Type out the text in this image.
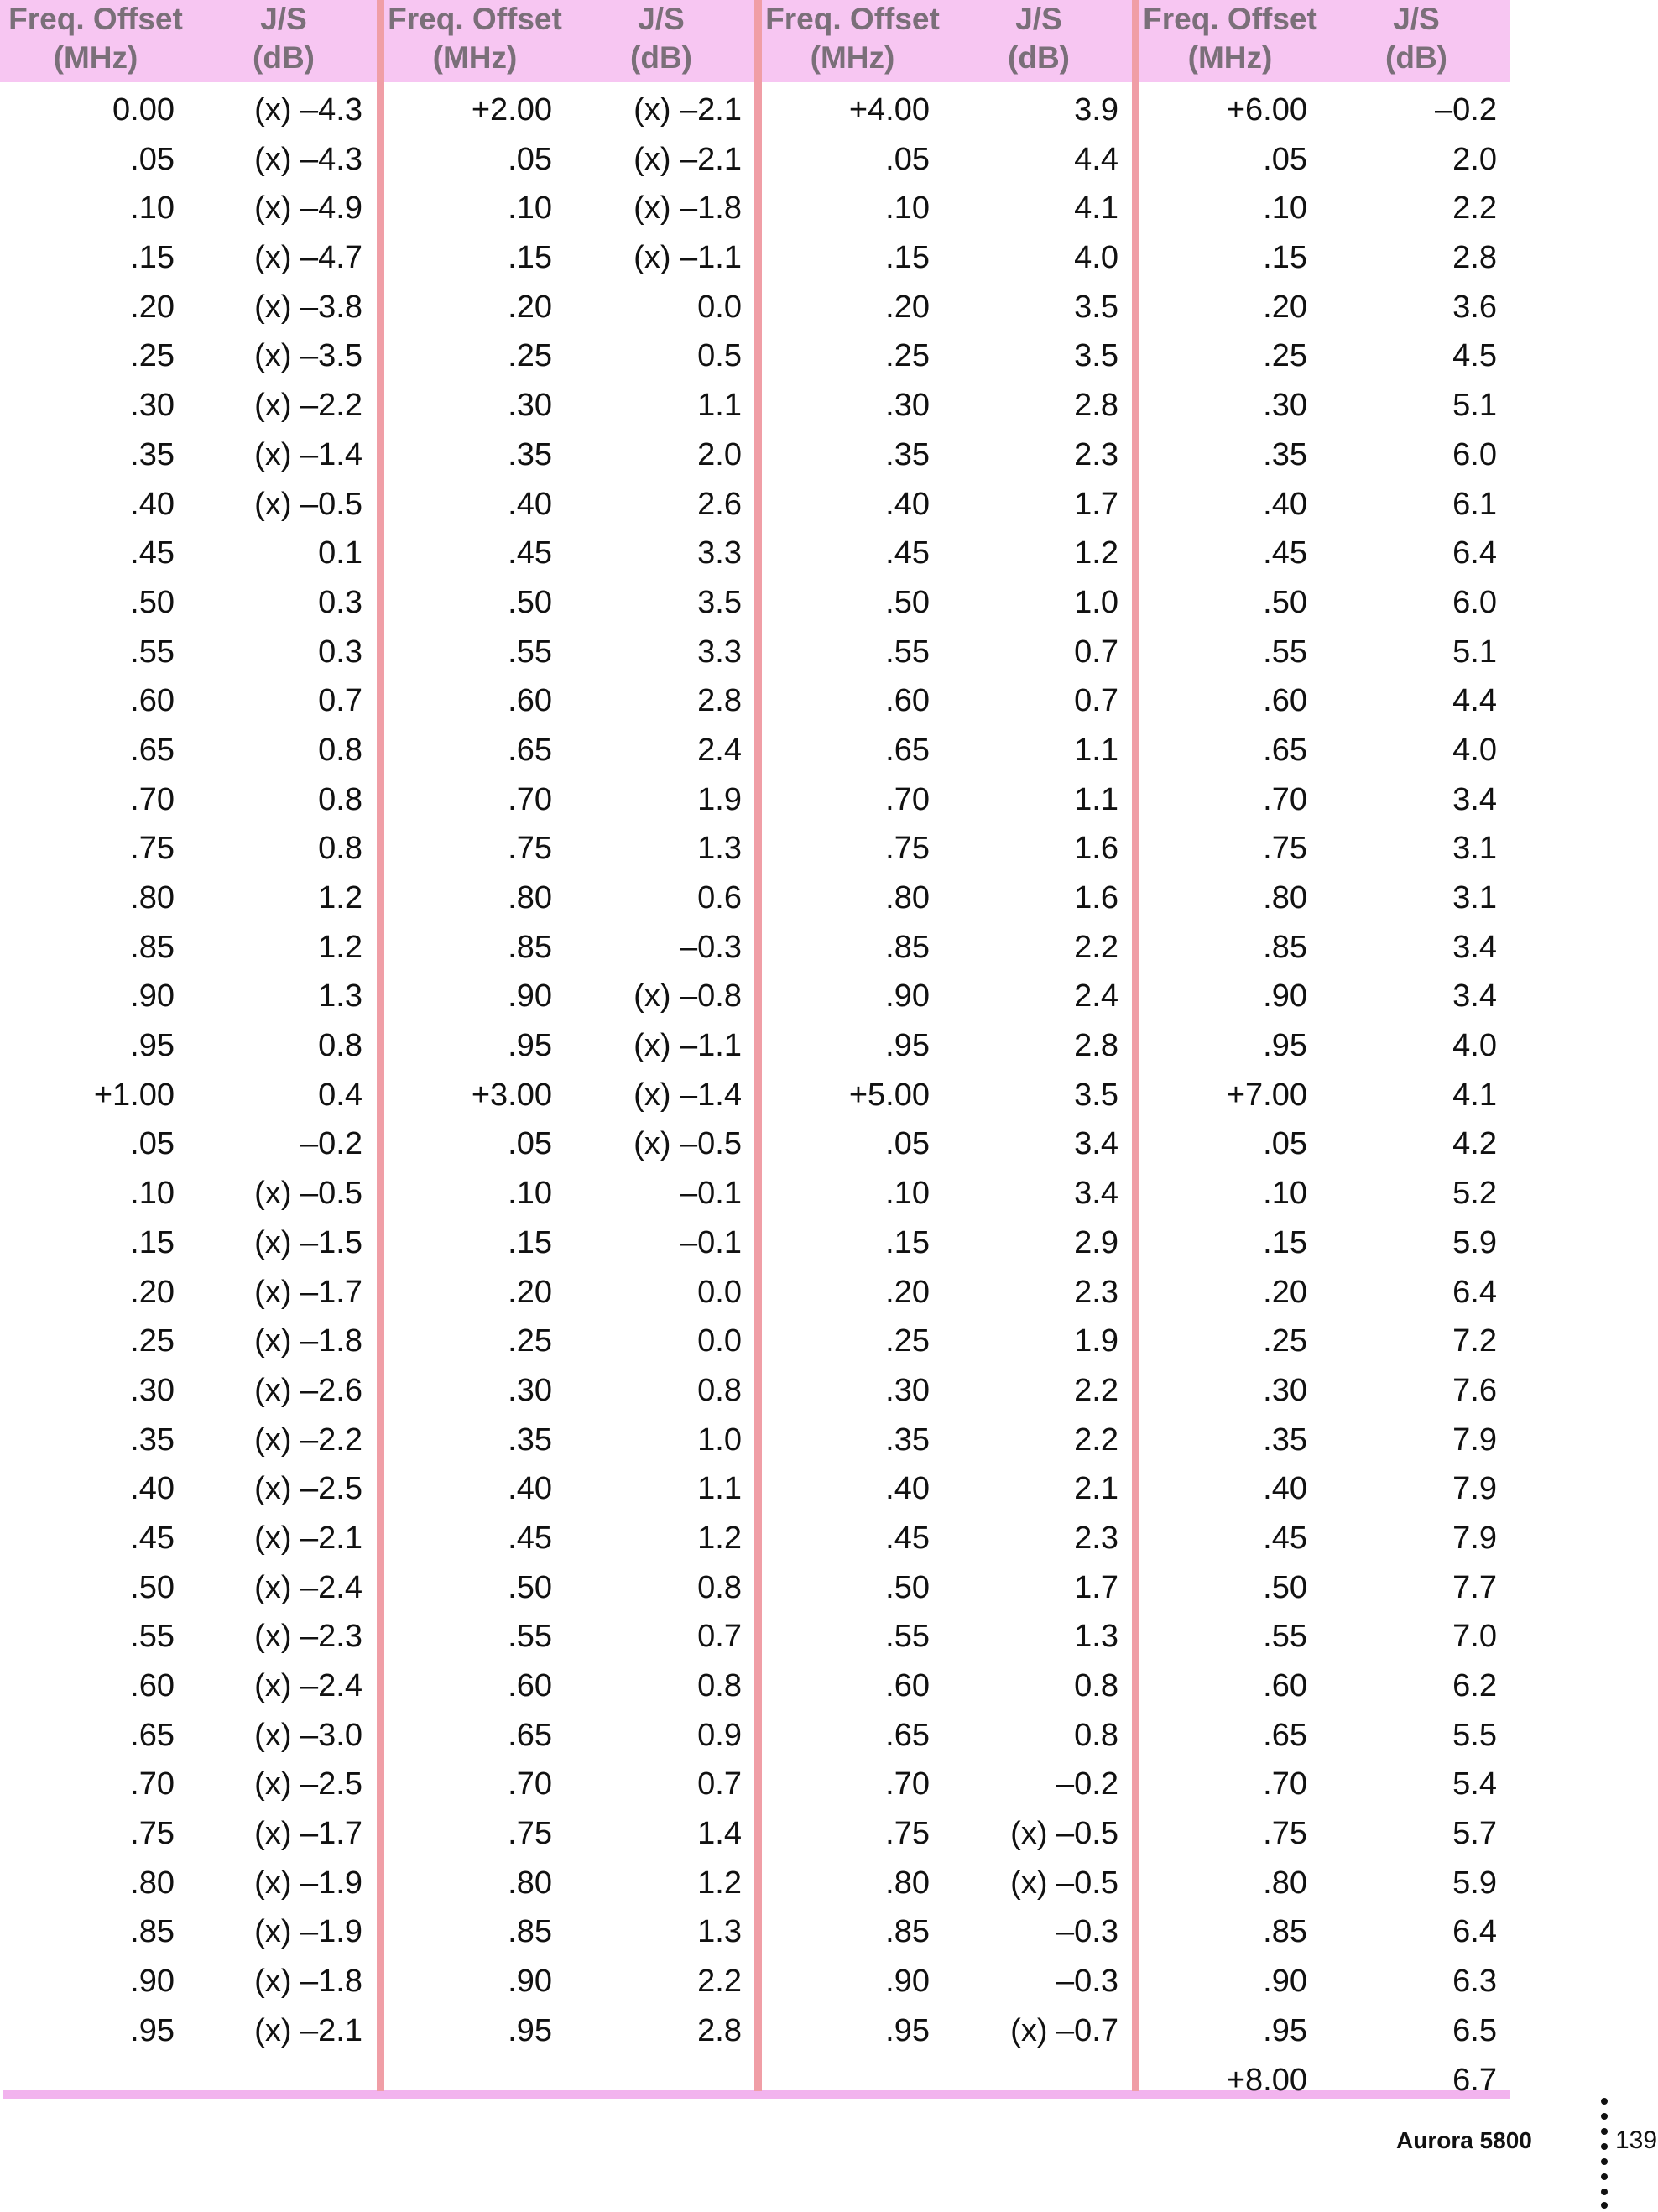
Freq. Offset
(MHz)
J/S
(dB)
Freq. Offset
(MHz)
J/S
(dB)
Freq. Offset
(MHz)
J/S
(dB)
Freq. Offset
(MHz)
J/S
(dB)
0.00
.05
.10
.15
.20
.25
.30
.35
.40
.45
.50
.55
.60
.65
.70
.75
.80
.85
.90
.95
+1.00
.05
.10
.15
.20
.25
.30
.35
.40
.45
.50
.55
.60
.65
.70
.75
.80
.85
.90
.95
(x) –4.3
(x) –4.3
(x) –4.9
(x) –4.7
(x) –3.8
(x) –3.5
(x) –2.2
(x) –1.4
(x) –0.5
0.1
0.3
0.3
0.7
0.8
0.8
0.8
1.2
1.2
1.3
0.8
0.4
–0.2
(x) –0.5
(x) –1.5
(x) –1.7
(x) –1.8
(x) –2.6
(x) –2.2
(x) –2.5
(x) –2.1
(x) –2.4
(x) –2.3
(x) –2.4
(x) –3.0
(x) –2.5
(x) –1.7
(x) –1.9
(x) –1.9
(x) –1.8
(x) –2.1
+2.00
.05
.10
.15
.20
.25
.30
.35
.40
.45
.50
.55
.60
.65
.70
.75
.80
.85
.90
.95
+3.00
.05
.10
.15
.20
.25
.30
.35
.40
.45
.50
.55
.60
.65
.70
.75
.80
.85
.90
.95
(x) –2.1
(x) –2.1
(x) –1.8
(x) –1.1
0.0
0.5
1.1
2.0
2.6
3.3
3.5
3.3
2.8
2.4
1.9
1.3
0.6
–0.3
(x) –0.8
(x) –1.1
(x) –1.4
(x) –0.5
–0.1
–0.1
0.0
0.0
0.8
1.0
1.1
1.2
0.8
0.7
0.8
0.9
0.7
1.4
1.2
1.3
2.2
2.8
+4.00
.05
.10
.15
.20
.25
.30
.35
.40
.45
.50
.55
.60
.65
.70
.75
.80
.85
.90
.95
+5.00
.05
.10
.15
.20
.25
.30
.35
.40
.45
.50
.55
.60
.65
.70
.75
.80
.85
.90
.95
3.9
4.4
4.1
4.0
3.5
3.5
2.8
2.3
1.7
1.2
1.0
0.7
0.7
1.1
1.1
1.6
1.6
2.2
2.4
2.8
3.5
3.4
3.4
2.9
2.3
1.9
2.2
2.2
2.1
2.3
1.7
1.3
0.8
0.8
–0.2
(x) –0.5
(x) –0.5
–0.3
–0.3
(x) –0.7
+6.00
.05
.10
.15
.20
.25
.30
.35
.40
.45
.50
.55
.60
.65
.70
.75
.80
.85
.90
.95
+7.00
.05
.10
.15
.20
.25
.30
.35
.40
.45
.50
.55
.60
.65
.70
.75
.80
.85
.90
.95
+8.00
–0.2
2.0
2.2
2.8
3.6
4.5
5.1
6.0
6.1
6.4
6.0
5.1
4.4
4.0
3.4
3.1
3.1
3.4
3.4
4.0
4.1
4.2
5.2
5.9
6.4
7.2
7.6
7.9
7.9
7.9
7.7
7.0
6.2
5.5
5.4
5.7
5.9
6.4
6.3
6.5
6.7
Aurora 5800	139
